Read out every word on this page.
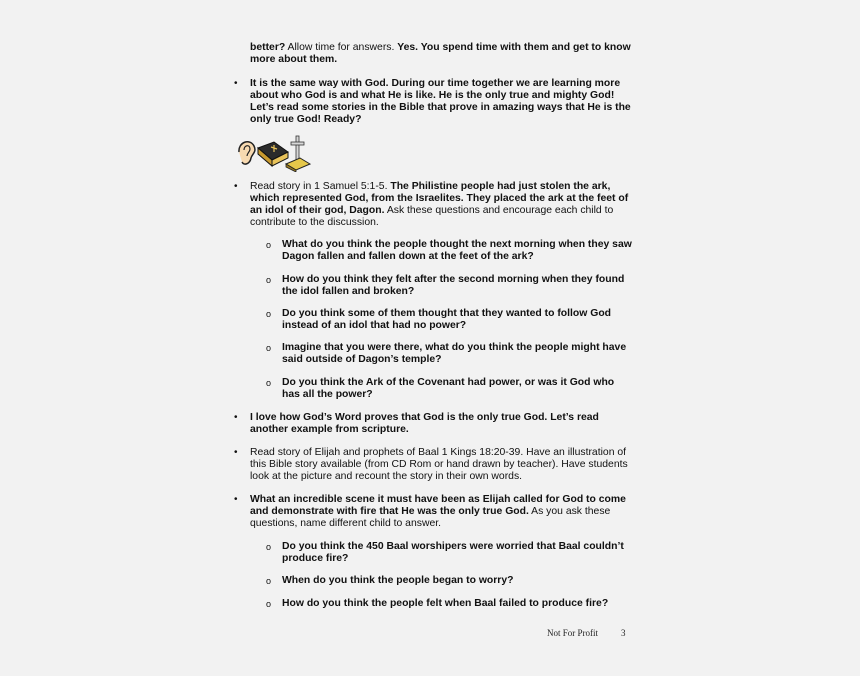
better? Allow time for answers. Yes. You spend time with them and get to know more about them.
• It is the same way with God. During our time together we are learning more about who God is and what He is like. He is the only true and mighty God! Let’s read some stories in the Bible that prove in amazing ways that He is the only true God! Ready?
• Read story in 1 Samuel 5:1-5. The Philistine people had just stolen the ark, which represented God, from the Israelites. They placed the ark at the feet of an idol of their god, Dagon. Ask these questions and encourage each child to contribute to the discussion.
o What do you think the people thought the next morning when they saw Dagon fallen and fallen down at the feet of the ark?
o How do you think they felt after the second morning when they found the idol fallen and broken?
o Do you think some of them thought that they wanted to follow God instead of an idol that had no power?
o Imagine that you were there, what do you think the people might have said outside of Dagon’s temple?
o Do you think the Ark of the Covenant had power, or was it God who has all the power?
• I love how God’s Word proves that God is the only true God. Let’s read another example from scripture.
• Read story of Elijah and prophets of Baal 1 Kings 18:20-39. Have an illustration of this Bible story available (from CD Rom or hand drawn by teacher). Have students look at the picture and recount the story in their own words.
• What an incredible scene it must have been as Elijah called for God to come and demonstrate with fire that He was the only true God. As you ask these questions, name different child to answer.
o Do you think the 450 Baal worshipers were worried that Baal couldn’t produce fire?
o When do you think the people began to worry?
o How do you think the people felt when Baal failed to produce fire?
Not For Profit	3
